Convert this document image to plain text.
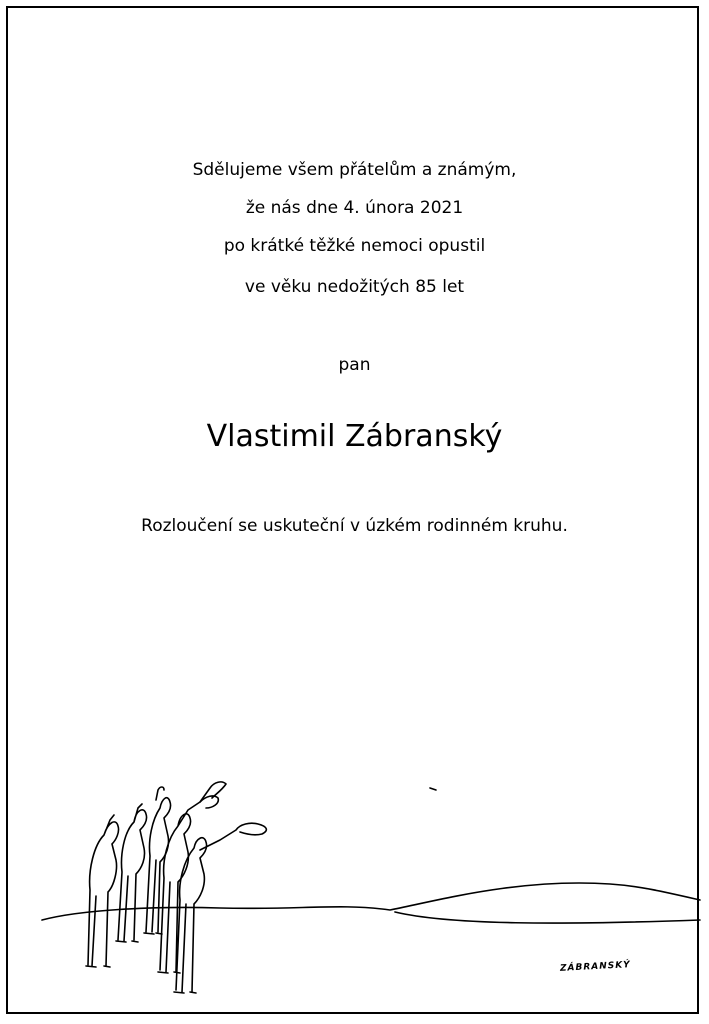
Sdělujeme všem přátelům a známým,
že nás dne 4. února 2021
po krátké těžké nemoci opustil
ve věku nedožitých 85 let
pan
Vlastimil Zábranský
Rozloučení se uskuteční v úzkém rodinném kruhu.
ZÁBRANSKÝ
